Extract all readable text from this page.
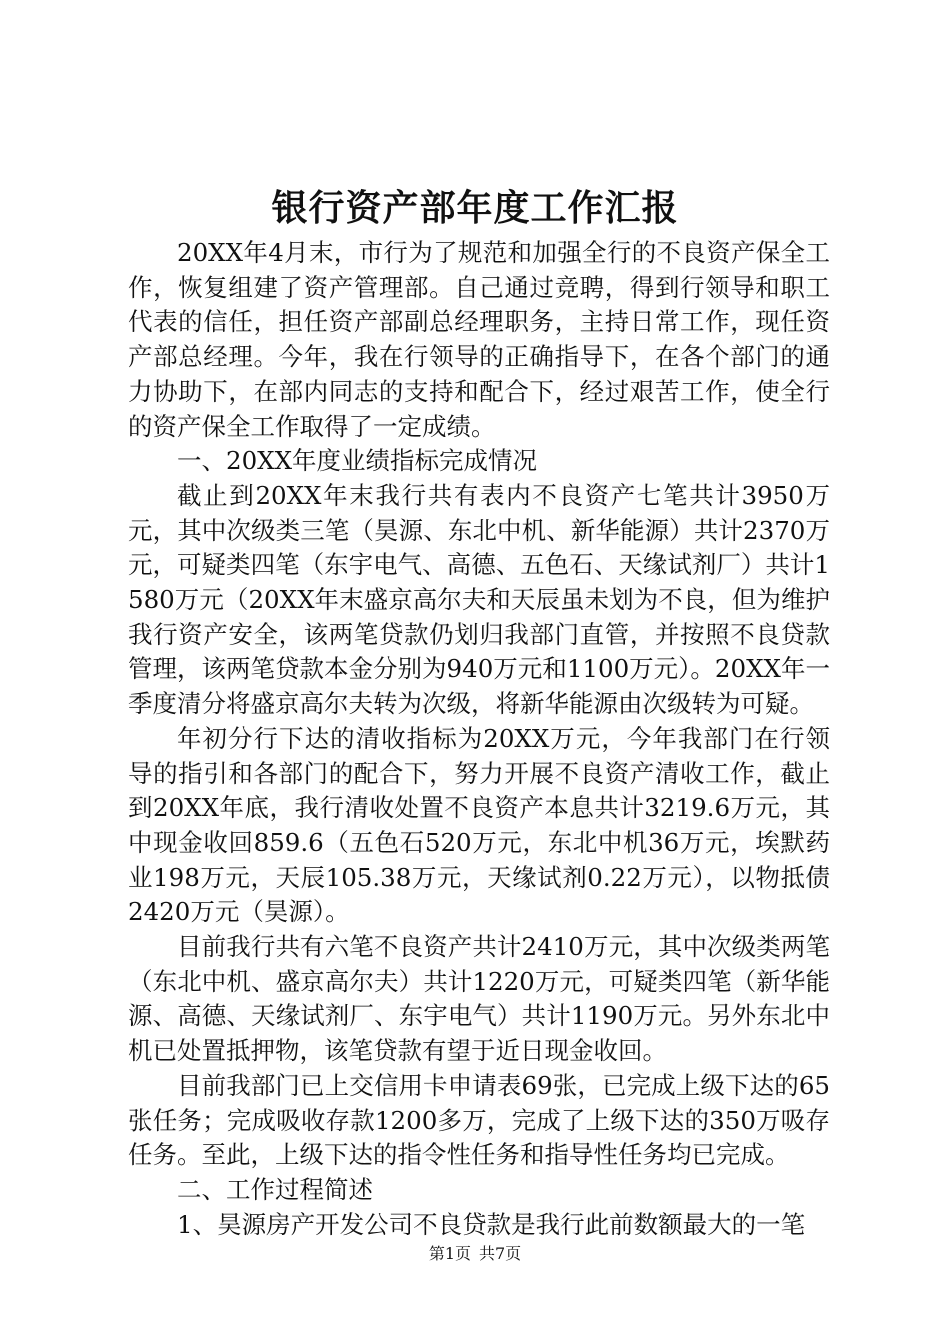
银行资产部年度工作汇报

20XX年4月末，市行为了规范和加强全行的不良资产保全工作，恢复组建了资产管理部。自己通过竞聘，得到行领导和职工代表的信任，担任资产部副总经理职务，主持日常工作，现任资产部总经理。今年，我在行领导的正确指导下，在各个部门的通力协助下，在部内同志的支持和配合下，经过艰苦工作，使全行的资产保全工作取得了一定成绩。

一、20XX年度业绩指标完成情况

截止到20XX年末我行共有表内不良资产七笔共计3950万元，其中次级类三笔（昊源、东北中机、新华能源）共计2370万元，可疑类四笔（东宇电气、高德、五色石、天缘试剂厂）共计1580万元（20XX年末盛京高尔夫和天辰虽未划为不良，但为维护我行资产安全，该两笔贷款仍划归我部门直管，并按照不良贷款管理，该两笔贷款本金分别为940万元和1100万元）。20XX年一季度清分将盛京高尔夫转为次级，将新华能源由次级转为可疑。

年初分行下达的清收指标为20XX万元，今年我部门在行领导的指引和各部门的配合下，努力开展不良资产清收工作，截止到20XX年底，我行清收处置不良资产本息共计3219.6万元，其中现金收回859.6（五色石520万元，东北中机36万元，埃默药业198万元，天辰105.38万元，天缘试剂0.22万元），以物抵债2420万元（昊源）。

目前我行共有六笔不良资产共计2410万元，其中次级类两笔（东北中机、盛京高尔夫）共计1220万元，可疑类四笔（新华能源、高德、天缘试剂厂、东宇电气）共计1190万元。另外东北中机已处置抵押物，该笔贷款有望于近日现金收回。

目前我部门已上交信用卡申请表69张，已完成上级下达的65张任务；完成吸收存款1200多万，完成了上级下达的350万吸存任务。至此，上级下达的指令性任务和指导性任务均已完成。

二、工作过程简述

1、昊源房产开发公司不良贷款是我行此前数额最大的一笔

第1页 共7页
